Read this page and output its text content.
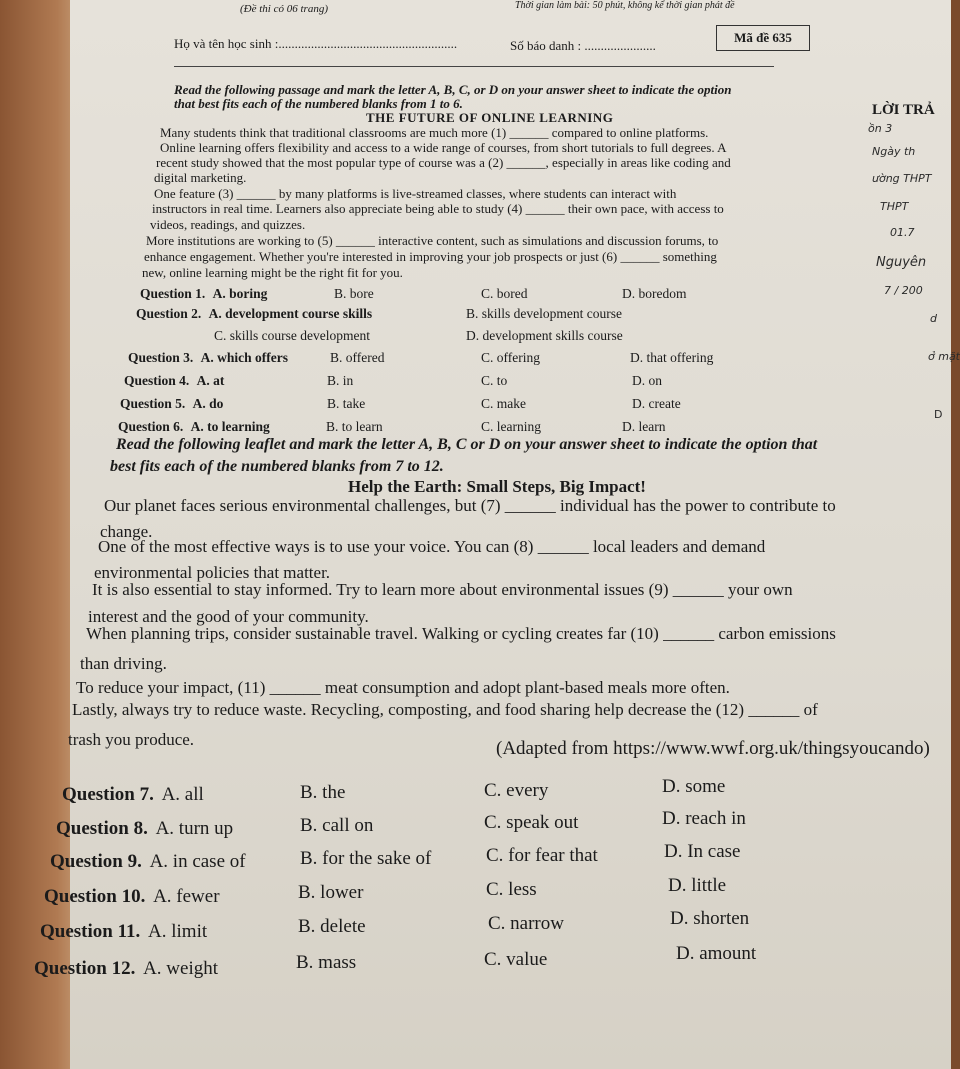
(Đề thi có 06 trang)	Thời gian làm bài: 50 phút, không kể thời gian phát đề
Họ và tên học sinh :.......................................................	Số báo danh : ......................
Mã đề 635
LỜI TRẢ
ồn 3
Ngày th
ường THPT
THPT
01.7
Nguyên
7 / 200
d
ở mặt
D
Read the following passage and mark the letter A, B, C, or D on your answer sheet to indicate the option
that best fits each of the numbered blanks from 1 to 6.
THE FUTURE OF ONLINE LEARNING
Many students think that traditional classrooms are much more (1) ______ compared to online platforms.
Online learning offers flexibility and access to a wide range of courses, from short tutorials to full degrees. A
recent study showed that the most popular type of course was a (2) ______, especially in areas like coding and
digital marketing.
One feature (3) ______ by many platforms is live-streamed classes, where students can interact with
instructors in real time. Learners also appreciate being able to study (4) ______ their own pace, with access to
videos, readings, and quizzes.
More institutions are working to (5) ______ interactive content, such as simulations and discussion forums, to
enhance engagement. Whether you're interested in improving your job prospects or just (6) ______ something
new, online learning might be the right fit for you.
Question 1. A. boring	B. bore	C. bored	D. boredom
Question 2. A. development course skills	B. skills development course
C. skills course development	D. development skills course
Question 3. A. which offers	B. offered	C. offering	D. that offering
Question 4. A. at	B. in	C. to	D. on
Question 5. A. do	B. take	C. make	D. create
Question 6. A. to learning	B. to learn	C. learning	D. learn
Read the following leaflet and mark the letter A, B, C or D on your answer sheet to indicate the option that
best fits each of the numbered blanks from 7 to 12.
Help the Earth: Small Steps, Big Impact!
Our planet faces serious environmental challenges, but (7) ______ individual has the power to contribute to
change.
One of the most effective ways is to use your voice. You can (8) ______ local leaders and demand
environmental policies that matter.
It is also essential to stay informed. Try to learn more about environmental issues (9) ______ your own
interest and the good of your community.
When planning trips, consider sustainable travel. Walking or cycling creates far (10) ______ carbon emissions
than driving.
To reduce your impact, (11) ______ meat consumption and adopt plant-based meals more often.
Lastly, always try to reduce waste. Recycling, composting, and food sharing help decrease the (12) ______ of
trash you produce.	(Adapted from https://www.wwf.org.uk/thingsyoucando)
Question 7. A. all	B. the	C. every	D. some
Question 8. A. turn up	B. call on	C. speak out	D. reach in
Question 9. A. in case of	B. for the sake of	C. for fear that	D. In case
Question 10. A. fewer	B. lower	C. less	D. little
Question 11. A. limit	B. delete	C. narrow	D. shorten
Question 12. A. weight	B. mass	C. value	D. amount
